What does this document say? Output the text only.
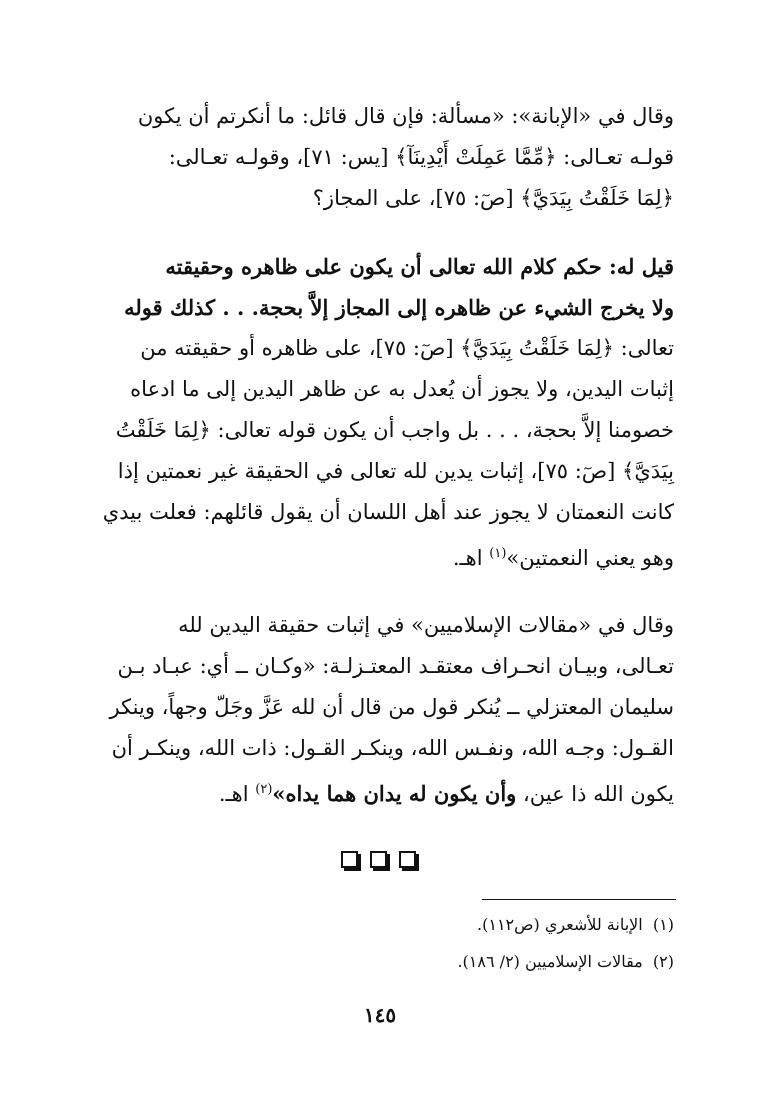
وقال في «الإبانة»: «مسألة: فإن قال قائل: ما أنكرتم أن يكون
قولـه تعـالى: ﴿مِّمَّا عَمِلَتْ أَيْدِينَآ﴾ [يس: ٧١]، وقولـه تعـالى:
﴿لِمَا خَلَقْتُ بِيَدَيَّ﴾ [صٓ: ٧٥]، على المجاز؟
قيل له: حكم كلام الله تعالى أن يكون على ظاهره وحقيقته
ولا يخرج الشيء عن ظاهره إلى المجاز إلاَّ بحجة. . . كذلك قوله
تعالى: ﴿لِمَا خَلَقْتُ بِيَدَيَّ﴾ [صٓ: ٧٥]، على ظاهره أو حقيقته من
إثبات اليدين، ولا يجوز أن يُعدل به عن ظاهر اليدين إلى ما ادعاه
خصومنا إلاَّ بحجة، . . . بل واجب أن يكون قوله تعالى: ﴿لِمَا خَلَقْتُ
بِيَدَيَّ﴾ [صٓ: ٧٥]، إثبات يدين لله تعالى في الحقيقة غير نعمتين إذا
كانت النعمتان لا يجوز عند أهل اللسان أن يقول قائلهم: فعلت بيدي
وهو يعني النعمتين»$^{(١)}$ اهـ.
وقال في «مقالات الإسلاميين» في إثبات حقيقة اليدين لله
تعـالى، وبيـان انحـراف معتقـد المعتـزلـة: «وكـان ــ أي: عبـاد بـن
سليمان المعتزلي ــ يُنكر قول من قال أن لله عَزَّ وجَلّ وجهاً، وينكر
القـول: وجـه الله، ونفـس الله، وينكـر القـول: ذات الله، وينكـر أن
يكون الله ذا عين، وأن يكون له يدان هما يداه»$^{(٢)}$ اهـ.
(١)  الإبانة للأشعري (ص١١٢).
(٢)  مقالات الإسلاميين (٢/ ١٨٦).
١٤٥
